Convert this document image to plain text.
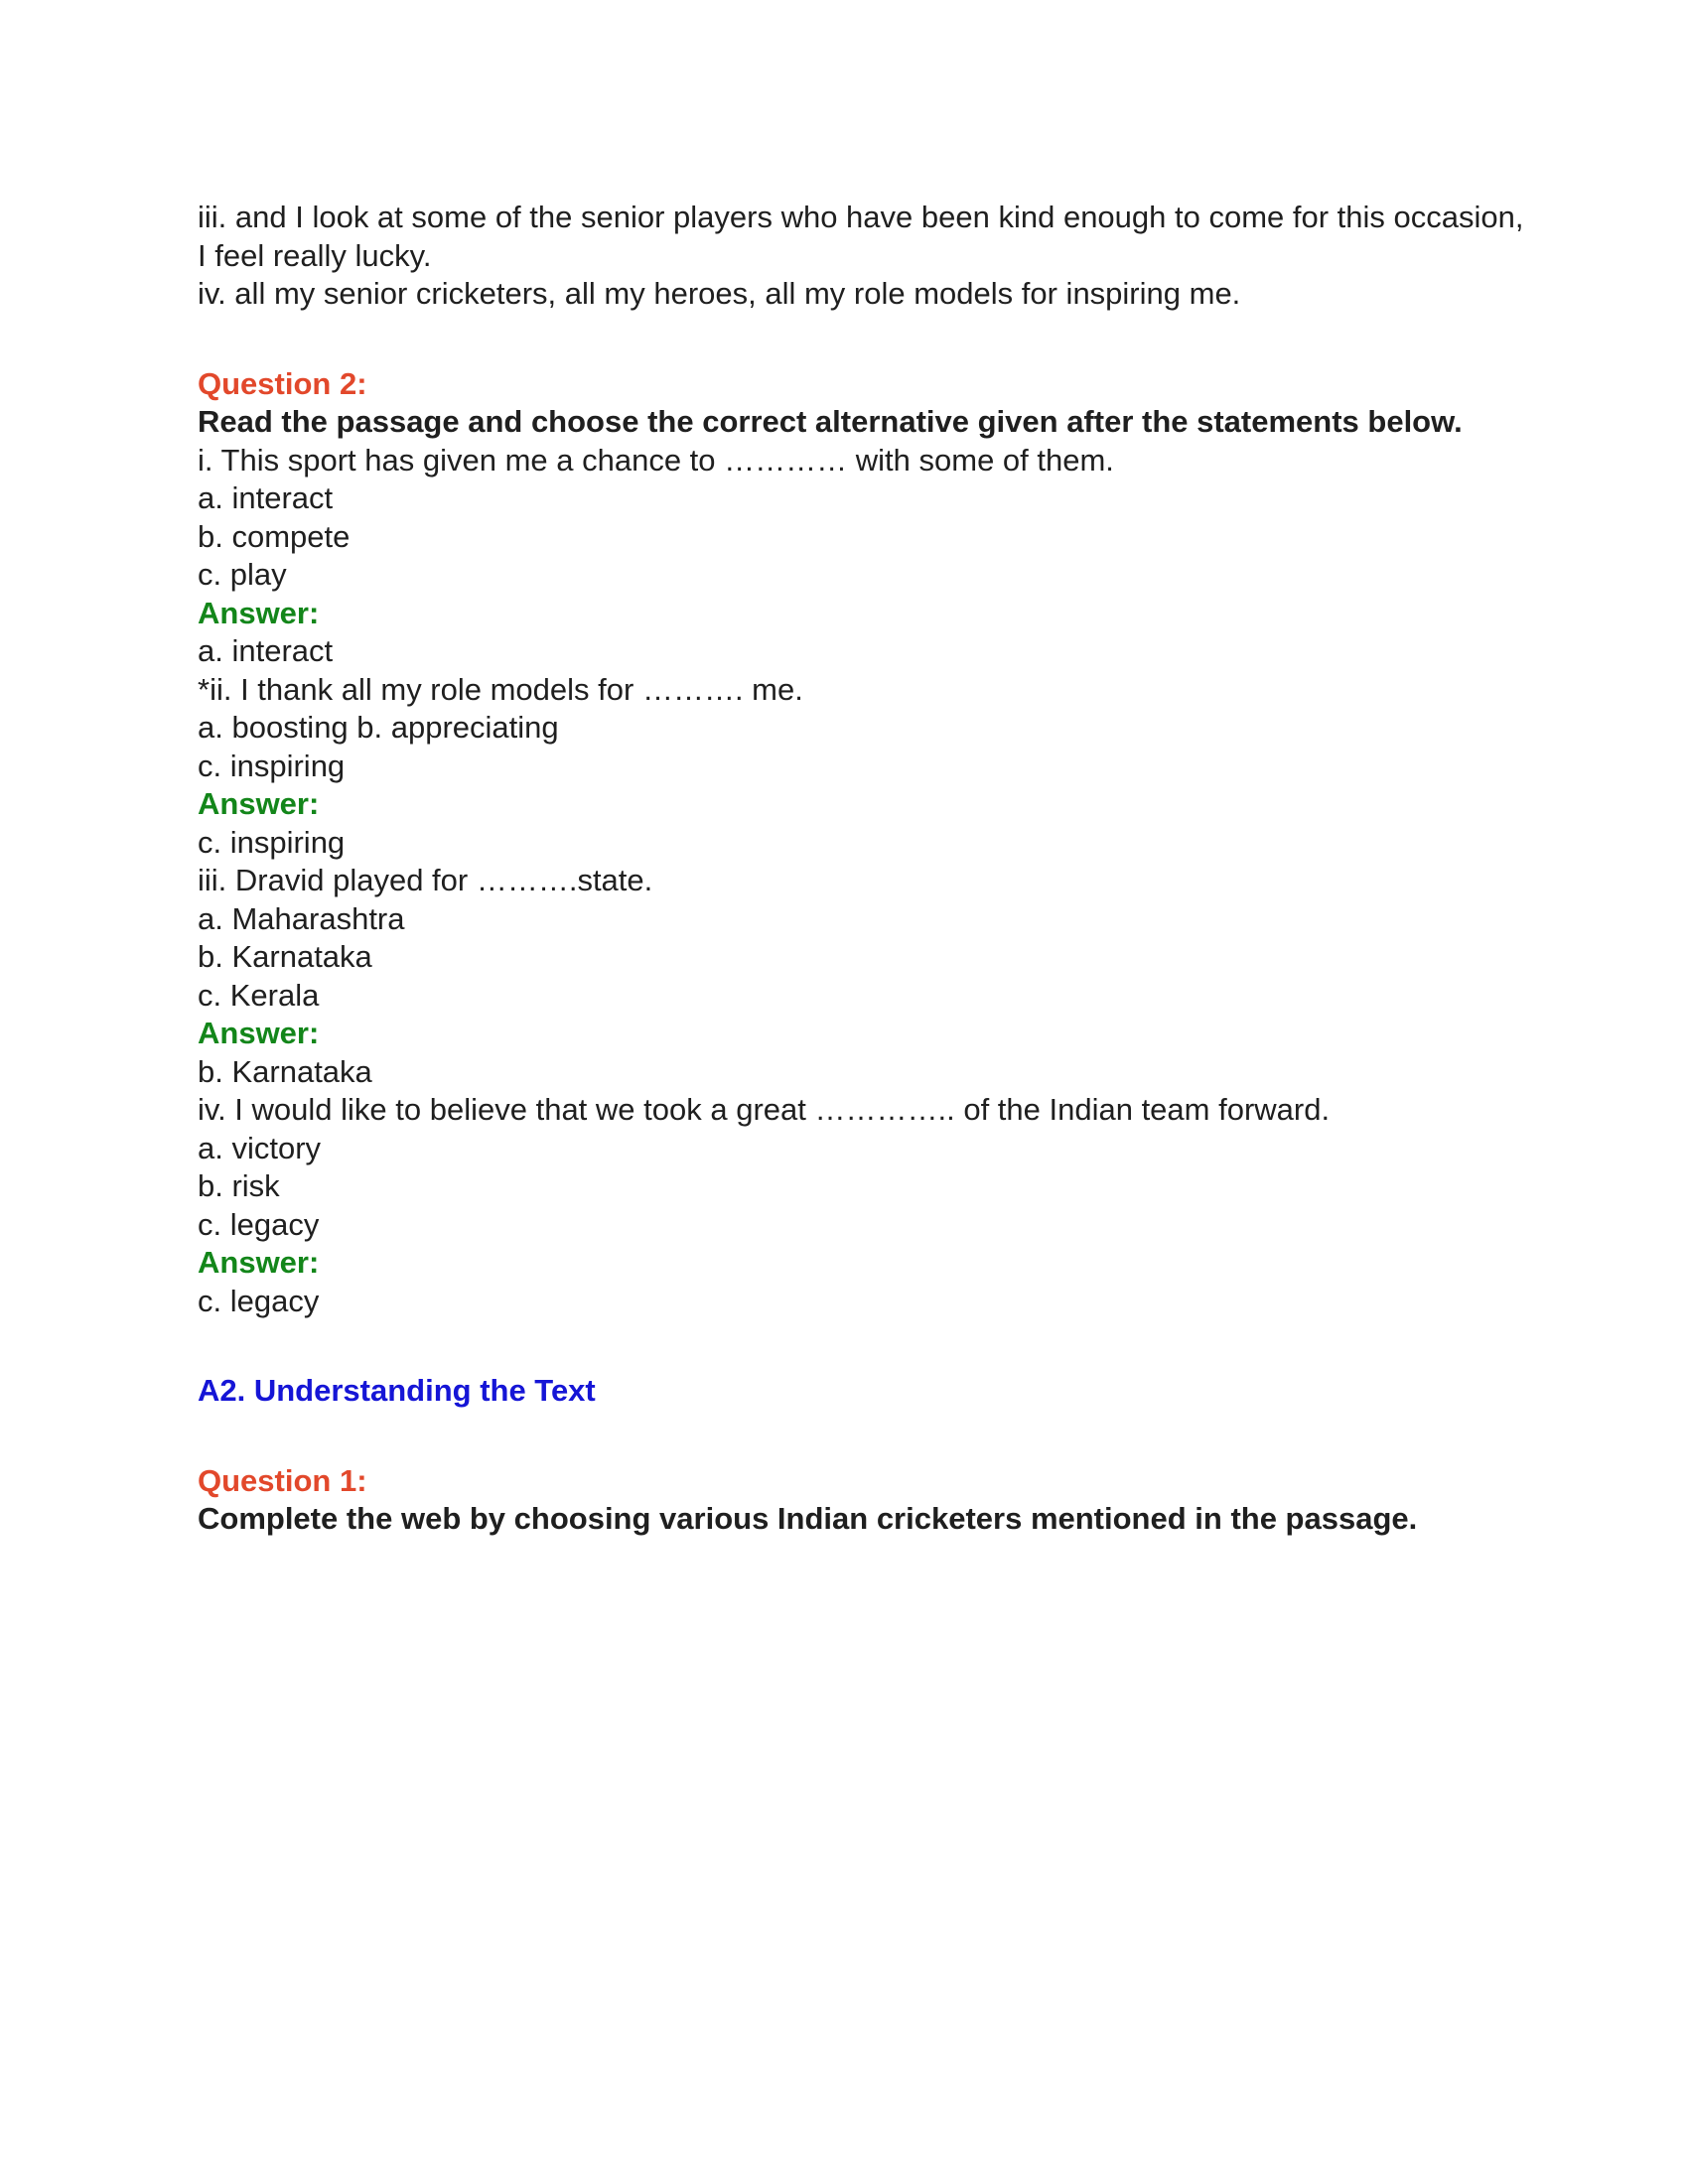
iii. and I look at some of the senior players who have been kind enough to come for this occasion, I feel really lucky.

iv. all my senior cricketers, all my heroes, all my role models for inspiring me.

Question 2:

Read the passage and choose the correct alternative given after the statements below.

i. This sport has given me a chance to ………… with some of them.

a. interact

b. compete

c. play

Answer:

a. interact

*ii. I thank all my role models for ………. me.

a. boosting b. appreciating

c. inspiring

Answer:

c. inspiring

iii. Dravid played for ……….state.

a. Maharashtra

b. Karnataka

c. Kerala

Answer:

b. Karnataka

iv. I would like to believe that we took a great ………….. of the Indian team forward.

a. victory

b. risk

c. legacy

Answer:

c. legacy

A2. Understanding the Text

Question 1:

Complete the web by choosing various Indian cricketers mentioned in the passage.
